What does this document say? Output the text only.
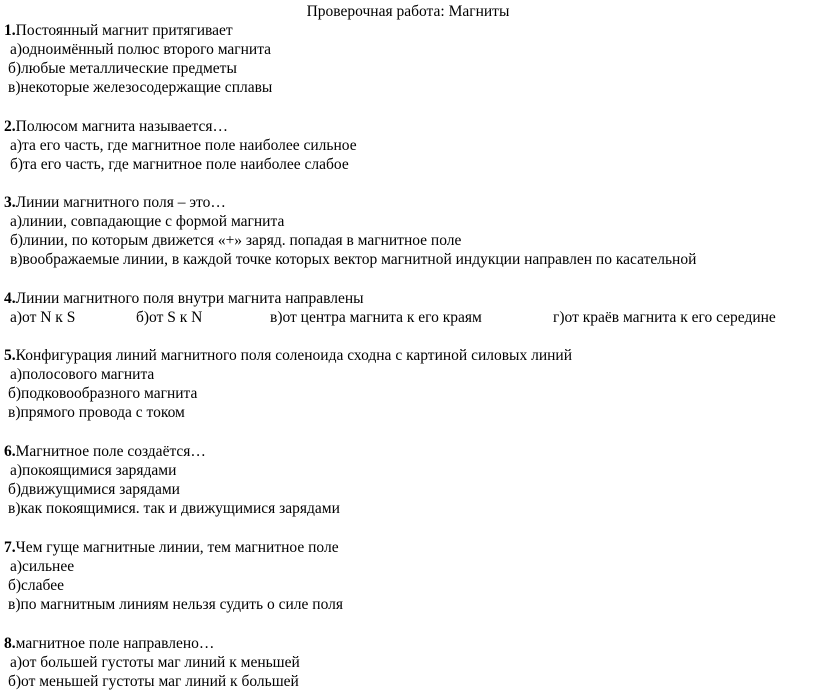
Проверочная работа: Магниты
1.Постоянный магнит притягивает
а)одноимённый полюс второго магнита
б)любые металлические предметы
в)некоторые железосодержащие сплавы
2.Полюсом магнита называется…
а)та его часть, где магнитное поле наиболее сильное
б)та его часть, где магнитное поле наиболее слабое
3.Линии магнитного поля – это…
а)линии, совпадающие с формой магнита
б)линии, по которым движется «+» заряд. попадая в магнитное поле
в)воображаемые линии, в каждой точке которых вектор магнитной индукции направлен по касательной
4.Линии магнитного поля внутри магнита направлены
а)от N к S	б)от S к N	в)от центра магнита к его краям	г)от краёв магнита к его середине
5.Конфигурация линий магнитного поля соленоида сходна с картиной силовых линий
а)полосового магнита
б)подковообразного магнита
в)прямого провода с током
6.Магнитное поле создаётся…
а)покоящимися зарядами
б)движущимися зарядами
в)как покоящимися. так и движущимися зарядами
7.Чем гуще магнитные линии, тем магнитное поле
а)сильнее
б)слабее
в)по магнитным линиям нельзя судить о силе поля
8.магнитное поле направлено…
а)от большей густоты маг линий к меньшей
б)от меньшей густоты маг линий к большей
